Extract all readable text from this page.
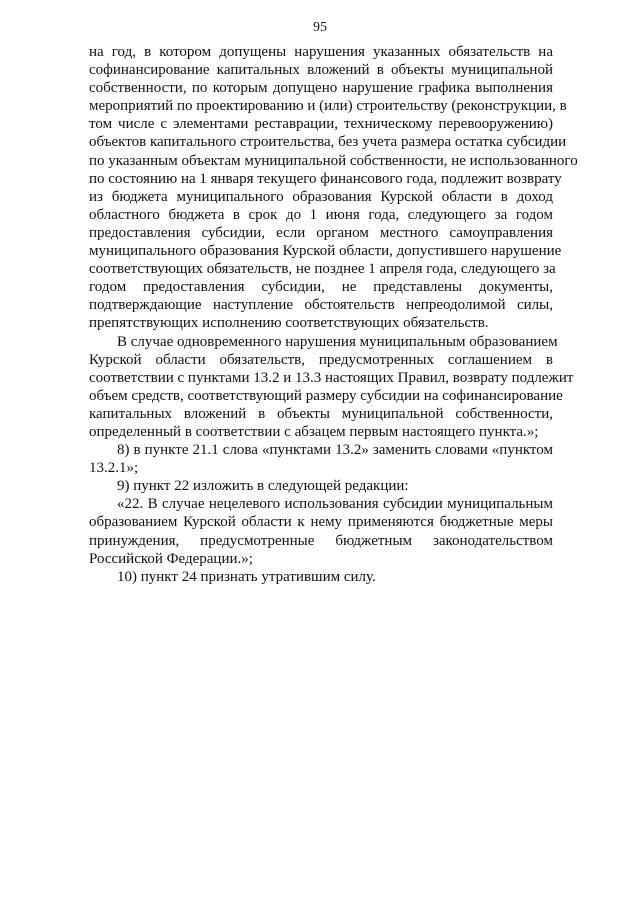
95
на год, в котором допущены нарушения указанных обязательств на
софинансирование капитальных вложений в объекты муниципальной
собственности, по которым допущено нарушение графика выполнения
мероприятий по проектированию и (или) строительству (реконструкции, в
том числе с элементами реставрации, техническому перевооружению)
объектов капитального строительства, без учета размера остатка субсидии
по указанным объектам муниципальной собственности, не использованного
по состоянию на 1 января текущего финансового года, подлежит возврату
из бюджета муниципального образования Курской области в доход
областного бюджета в срок до 1 июня года, следующего за годом
предоставления субсидии, если органом местного самоуправления
муниципального образования Курской области, допустившего нарушение
соответствующих обязательств, не позднее 1 апреля года, следующего за
годом предоставления субсидии, не представлены документы,
подтверждающие наступление обстоятельств непреодолимой силы,
препятствующих исполнению соответствующих обязательств.
В случае одновременного нарушения муниципальным образованием
Курской области обязательств, предусмотренных соглашением в
соответствии с пунктами 13.2 и 13.3 настоящих Правил, возврату подлежит
объем средств, соответствующий размеру субсидии на софинансирование
капитальных вложений в объекты муниципальной собственности,
определенный в соответствии с абзацем первым настоящего пункта.»;
8) в пункте 21.1 слова «пунктами 13.2» заменить словами «пунктом
13.2.1»;
9) пункт 22 изложить в следующей редакции:
«22. В случае нецелевого использования субсидии муниципальным
образованием Курской области к нему применяются бюджетные меры
принуждения, предусмотренные бюджетным законодательством
Российской Федерации.»;
10) пункт 24 признать утратившим силу.
